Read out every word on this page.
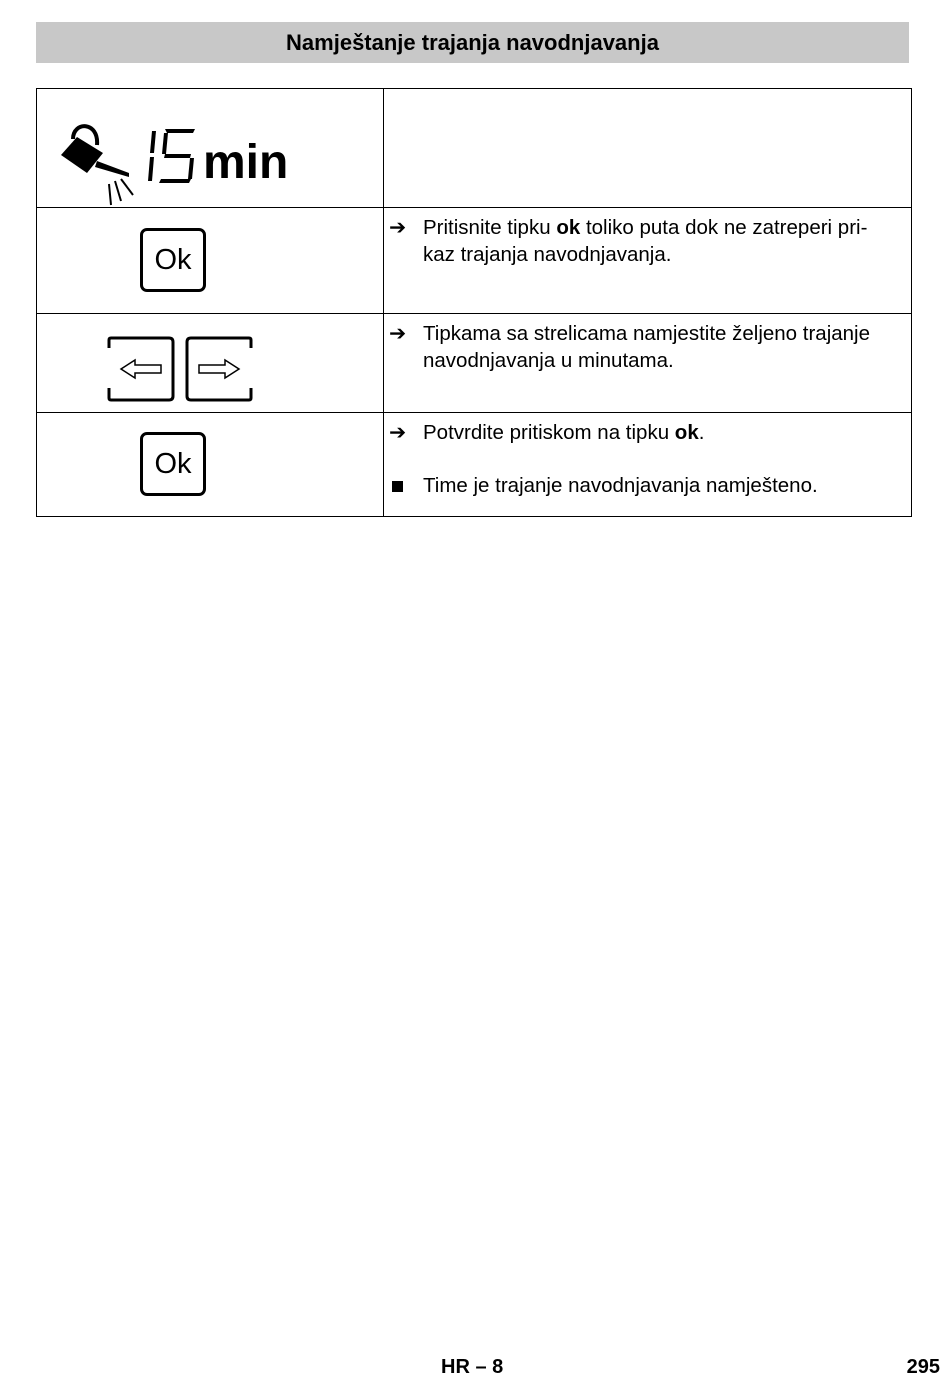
Namještanje trajanja navodnjavanja
min	

Ok	➔ Pritisnite tipku ok toliko puta dok ne zatreperi pri-
kaz trajanja navodnjavanja.

➔ Tipkama sa strelicama namjestite željeno trajanje
navodnjavanja u minutama.

Ok	➔ Potvrdite pritiskom na tipku ok.
Time je trajanje navodnjavanja namješteno.
HR – 8	295
